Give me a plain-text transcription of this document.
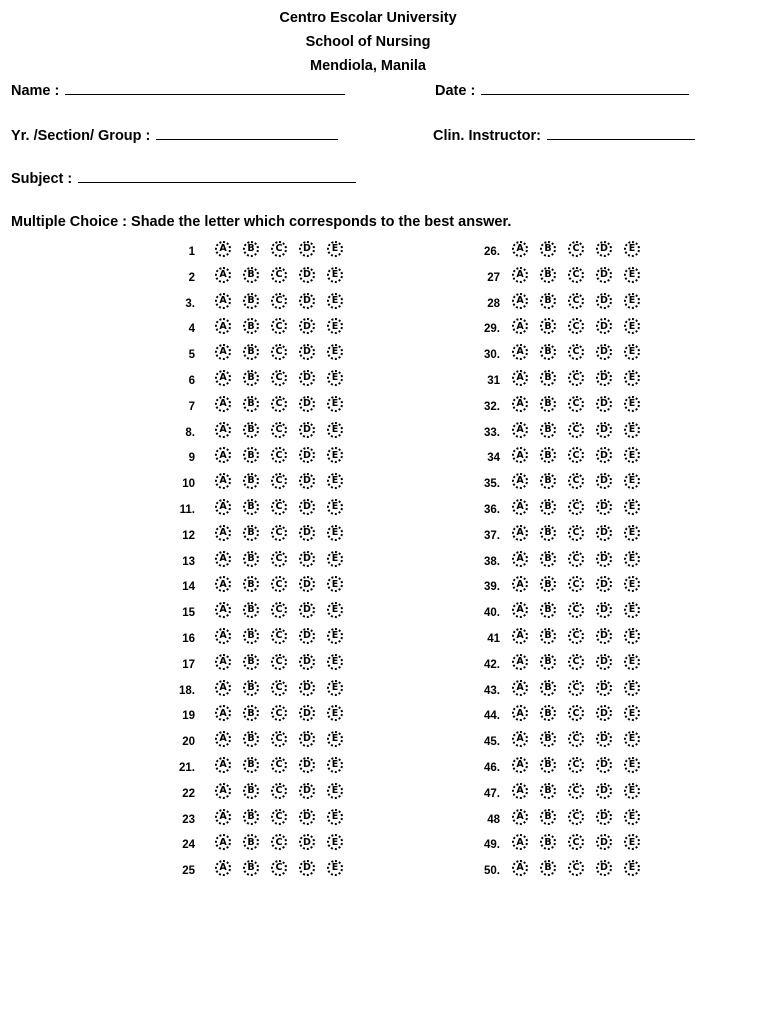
Centro Escolar University
School of Nursing
Mendiola, Manila
Name :	Date :
Yr. /Section/ Group :	Clin. Instructor:
Subject :
Multiple Choice : Shade the letter which corresponds to the best answer.
1	A	B	C	D	E
2	A	B	C	D	E
3.	A	B	C	D	E
4	A	B	C	D	E
5	A	B	C	D	E
6	A	B	C	D	E
7	A	B	C	D	E
8.	A	B	C	D	E
9	A	B	C	D	E
10	A	B	C	D	E
11.	A	B	C	D	E
12	A	B	C	D	E
13	A	B	C	D	E
14	A	B	C	D	E
15	A	B	C	D	E
16	A	B	C	D	E
17	A	B	C	D	E
18.	A	B	C	D	E
19	A	B	C	D	E
20	A	B	C	D	E
21.	A	B	C	D	E
22	A	B	C	D	E
23	A	B	C	D	E
24	A	B	C	D	E
25	A	B	C	D	E
26.	A	B	C	D	E
27	A	B	C	D	E
28	A	B	C	D	E
29.	A	B	C	D	E
30.	A	B	C	D	E
31	A	B	C	D	E
32.	A	B	C	D	E
33.	A	B	C	D	E
34	A	B	C	D	E
35.	A	B	C	D	E
36.	A	B	C	D	E
37.	A	B	C	D	E
38.	A	B	C	D	E
39.	A	B	C	D	E
40.	A	B	C	D	E
41	A	B	C	D	E
42.	A	B	C	D	E
43.	A	B	C	D	E
44.	A	B	C	D	E
45.	A	B	C	D	E
46.	A	B	C	D	E
47.	A	B	C	D	E
48	A	B	C	D	E
49.	A	B	C	D	E
50.	A	B	C	D	E
